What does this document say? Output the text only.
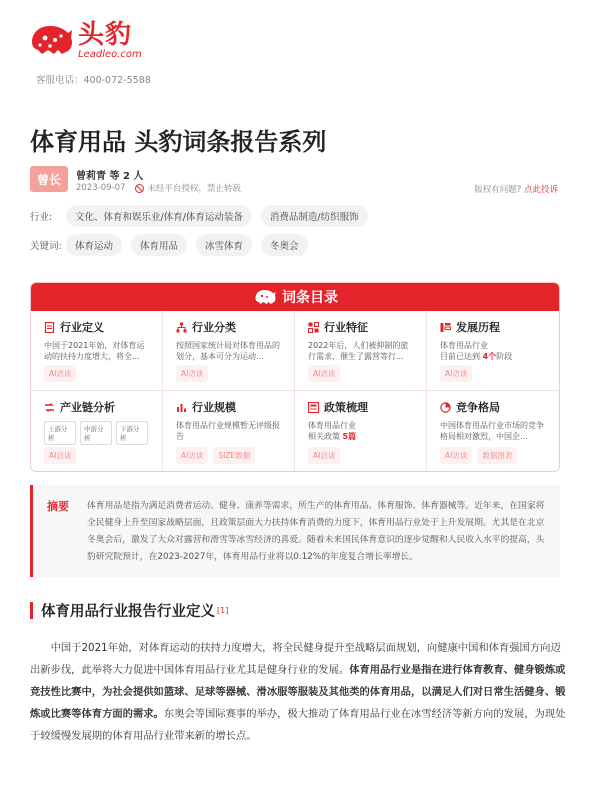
头豹
Leadleo.com
客服电话：400-072-5588
体育用品 头豹词条报告系列
曾长	曾莉青 等 2 人
2023-09-07	未经平台授权，禁止转载	版权有问题? 点此投诉
行业:	文化、体育和娱乐业/体育/体育运动装备	消费品制造/纺织服饰
关键词:	体育运动	体育用品	冰雪体育	冬奥会
词条目录
行业定义
中国于2021年始，对体育运动的扶持力度增大，将全...
AI访谈
行业分类
按照国家统计局对体育用品的划分，基本可分为运动...
AI访谈
行业特征
2022年后，人们被抑制的旅行需求，催生了露营等行...
AI访谈
发展历程
体育用品行业
目前已达到 4个阶段
AI访谈
产业链分析
上游分析
中游分析
下游分析
AI访谈
行业规模
体育用品行业规模暂无评级报告
AI访谈	SIZE数据
政策梳理
体育用品行业
相关政策 5篇
AI访谈
竞争格局
中国体育用品行业市场的竞争格局相对激烈，中国企...
AI访谈	数据图表
摘要	体育用品是指为满足消费者运动、健身、康养等需求，所生产的体育用品、体育服饰、体育器械等。近年来，在国家将全民健身上升至国家战略层面，且政策层面大力扶持体育消费的力度下，体育用品行业处于上升发展期。尤其是在北京冬奥会后，激发了大众对露营和滑雪等冰雪经济的喜爱。随着未来国民体育意识的逐步觉醒和人民收入水平的提高，头豹研究院预计，在2023-2027年，体育用品行业将以0.12%的年度复合增长率增长。
体育用品行业报告行业定义 [1]
中国于2021年始，对体育运动的扶持力度增大，将全民健身提升至战略层面规划，向健康中国和体育强国方向迈出新步伐，此举将大力促进中国体育用品行业尤其是健身行业的发展。体育用品行业是指在进行体育教育、健身锻炼或竞技性比赛中，为社会提供如篮球、足球等器械、滑冰服等服装及其他类的体育用品，以满足人们对日常生活健身、锻炼或比赛等体育方面的需求。东奥会等国际赛事的举办，极大推动了体育用品行业在冰雪经济等新方向的发展，为现处于较缓慢发展期的体育用品行业带来新的增长点。
